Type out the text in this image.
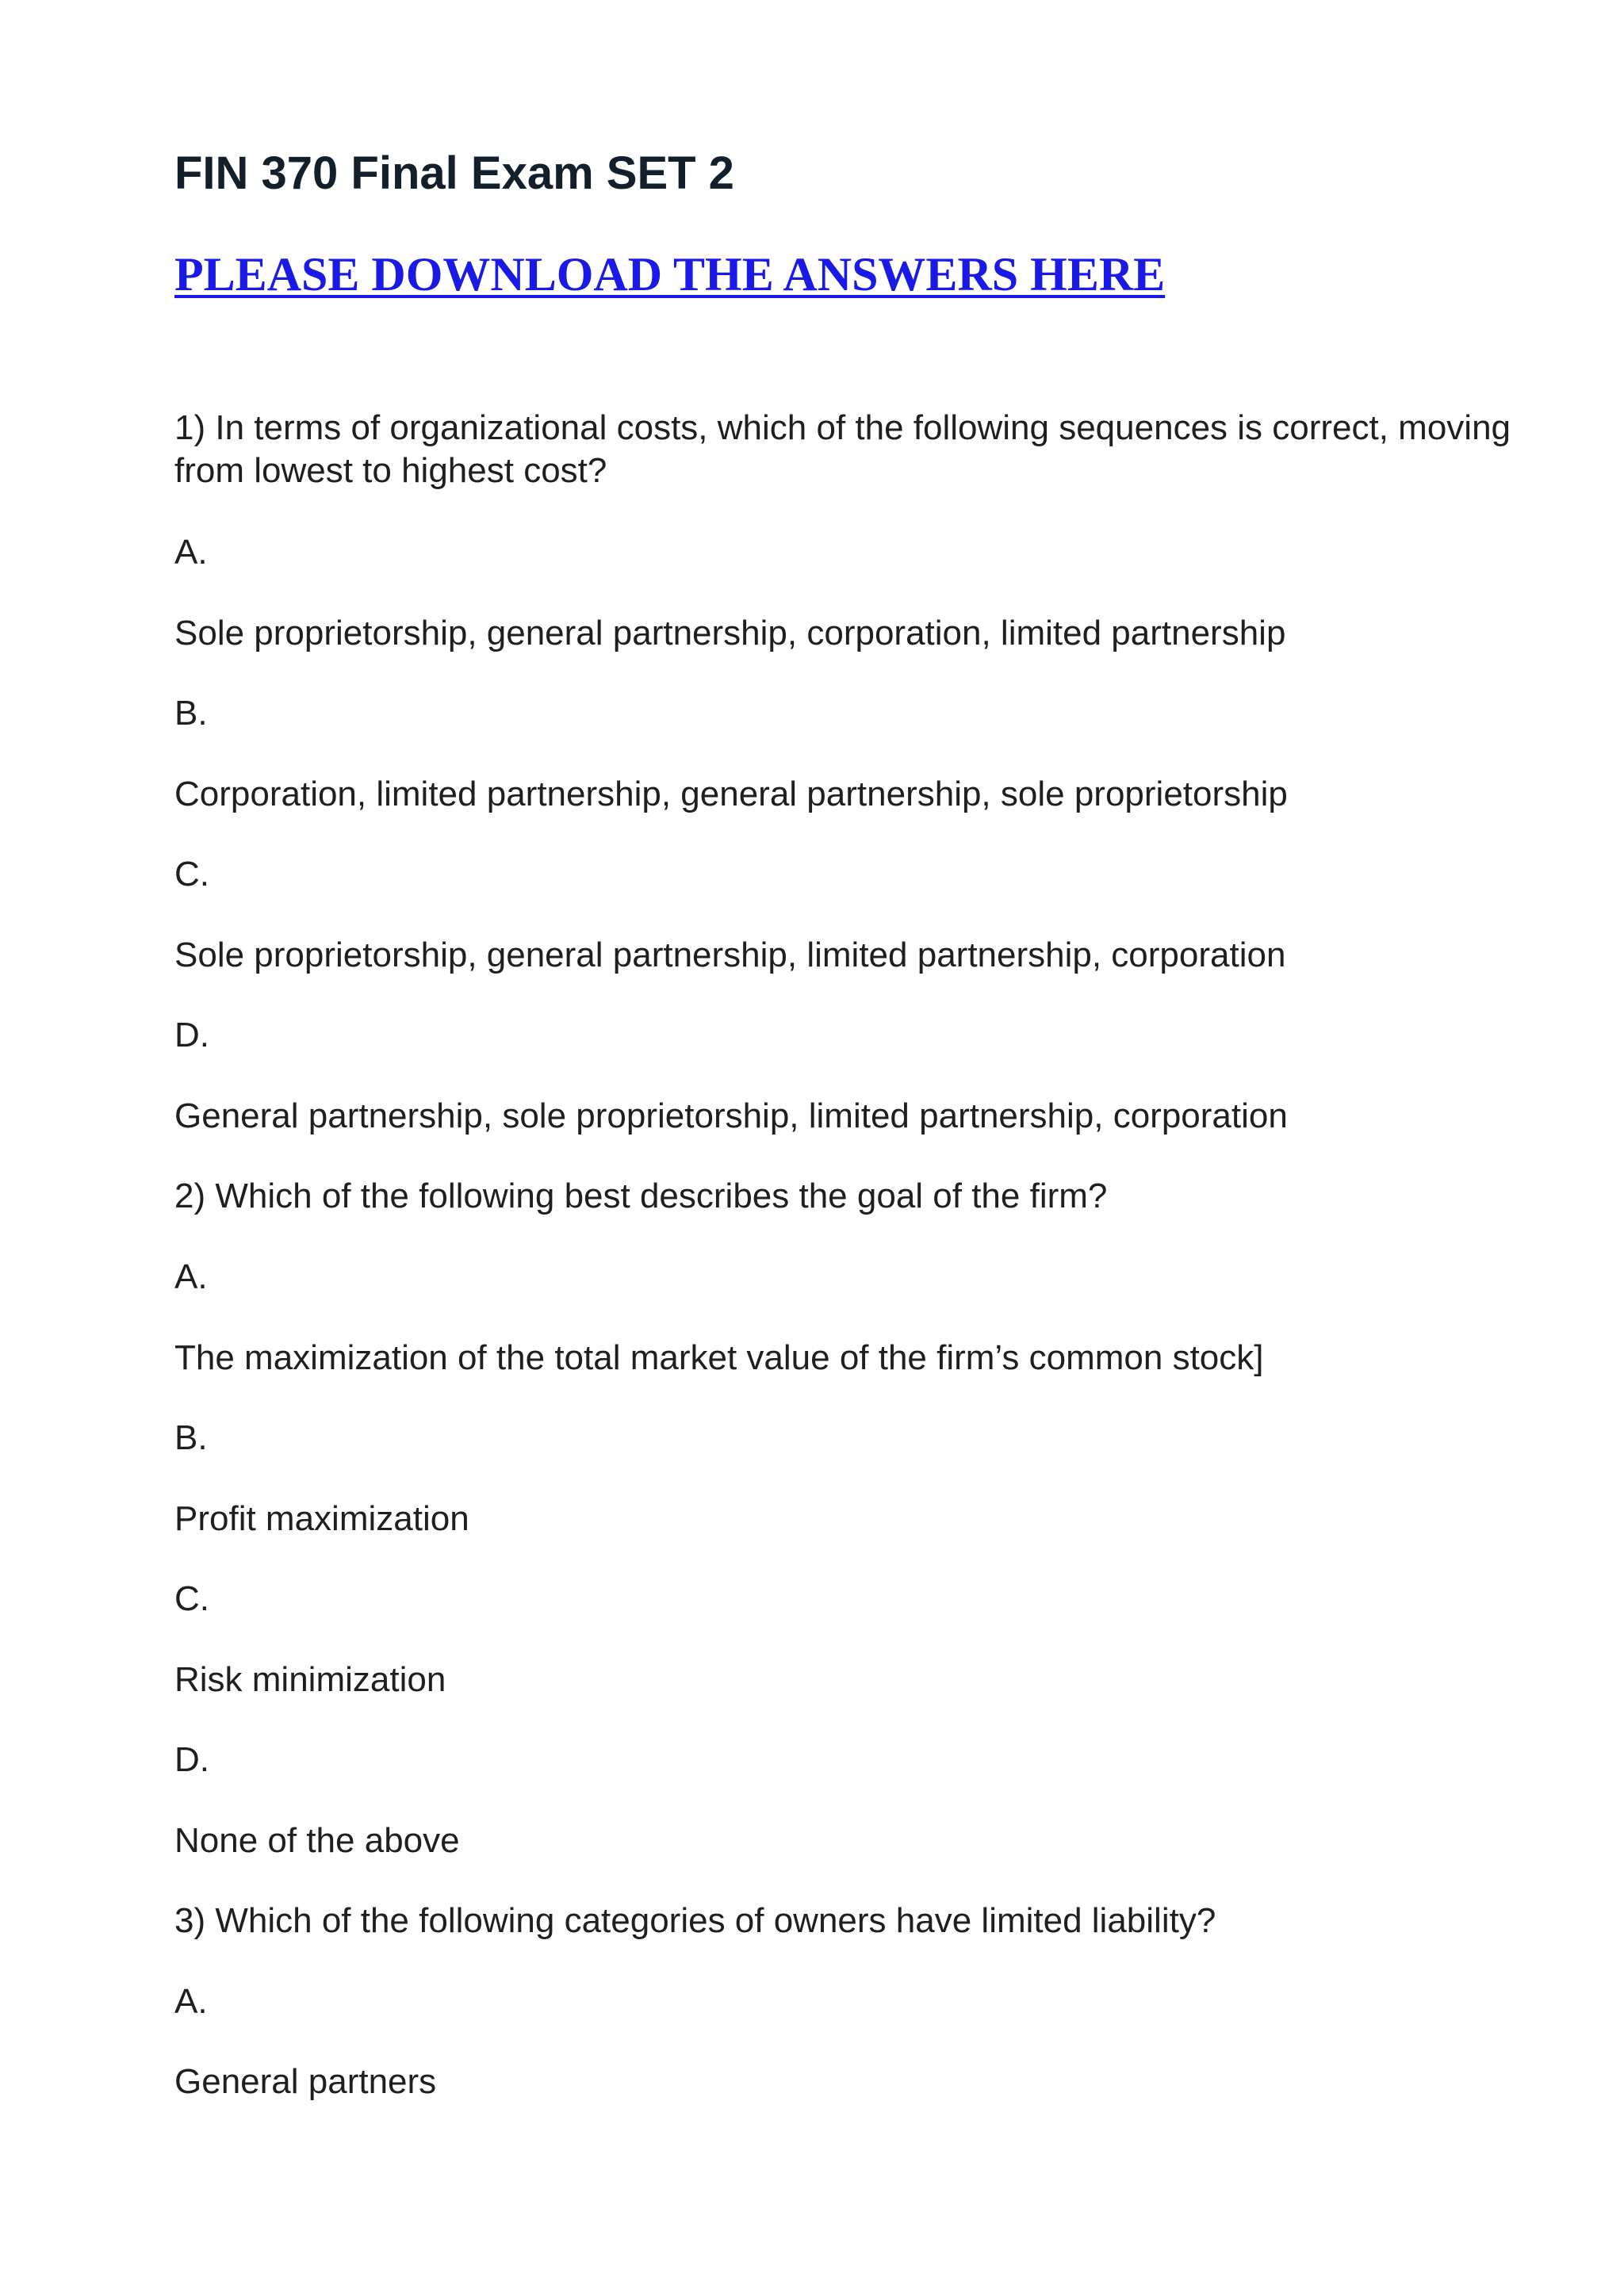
FIN 370 Final Exam SET 2
PLEASE DOWNLOAD THE ANSWERS HERE
1) In terms of organizational costs, which of the following sequences is correct, moving from lowest to highest cost?
A.
Sole proprietorship, general partnership, corporation, limited partnership
B.
Corporation, limited partnership, general partnership, sole proprietorship
C.
Sole proprietorship, general partnership, limited partnership, corporation
D.
General partnership, sole proprietorship, limited partnership, corporation
2) Which of the following best describes the goal of the firm?
A.
The maximization of the total market value of the firm’s common stock]
B.
Profit maximization
C.
Risk minimization
D.
None of the above
3) Which of the following categories of owners have limited liability?
A.
General partners
